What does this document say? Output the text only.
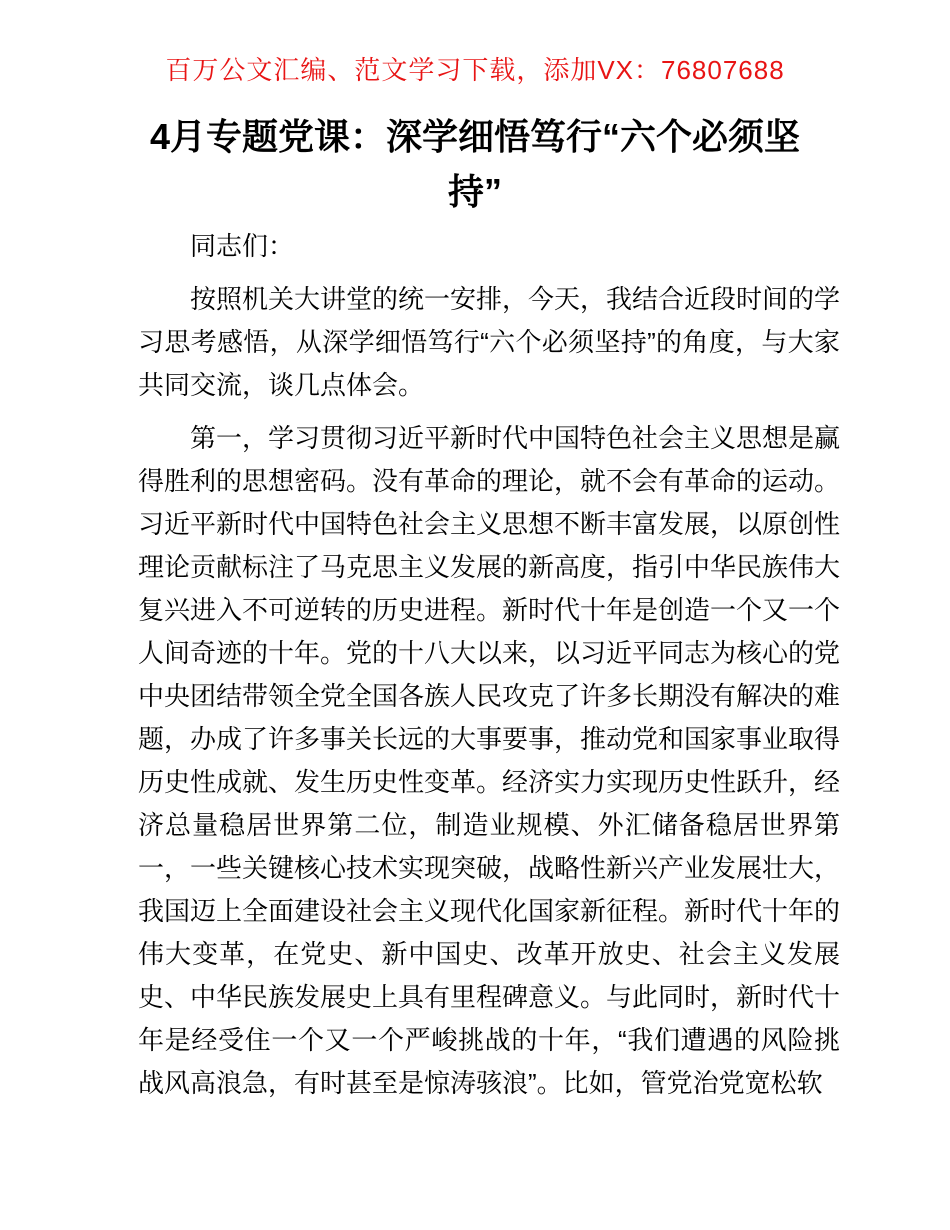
百万公文汇编、范文学习下载，添加VX：76807688
4月专题党课：深学细悟笃行“六个必须坚持”

同志们：

按照机关大讲堂的统一安排，今天，我结合近段时间的学习思考感悟，从深学细悟笃行“六个必须坚持”的角度，与大家共同交流，谈几点体会。

第一，学习贯彻习近平新时代中国特色社会主义思想是赢得胜利的思想密码。没有革命的理论，就不会有革命的运动。习近平新时代中国特色社会主义思想不断丰富发展，以原创性理论贡献标注了马克思主义发展的新高度，指引中华民族伟大复兴进入不可逆转的历史进程。新时代十年是创造一个又一个人间奇迹的十年。党的十八大以来，以习近平同志为核心的党中央团结带领全党全国各族人民攻克了许多长期没有解决的难题，办成了许多事关长远的大事要事，推动党和国家事业取得历史性成就、发生历史性变革。经济实力实现历史性跃升，经济总量稳居世界第二位，制造业规模、外汇储备稳居世界第一，一些关键核心技术实现突破，战略性新兴产业发展壮大，我国迈上全面建设社会主义现代化国家新征程。新时代十年的伟大变革，在党史、新中国史、改革开放史、社会主义发展史、中华民族发展史上具有里程碑意义。与此同时，新时代十年是经受住一个又一个严峻挑战的十年，“我们遭遇的风险挑战风高浪急，有时甚至是惊涛骇浪”。比如，管党治党宽松软
